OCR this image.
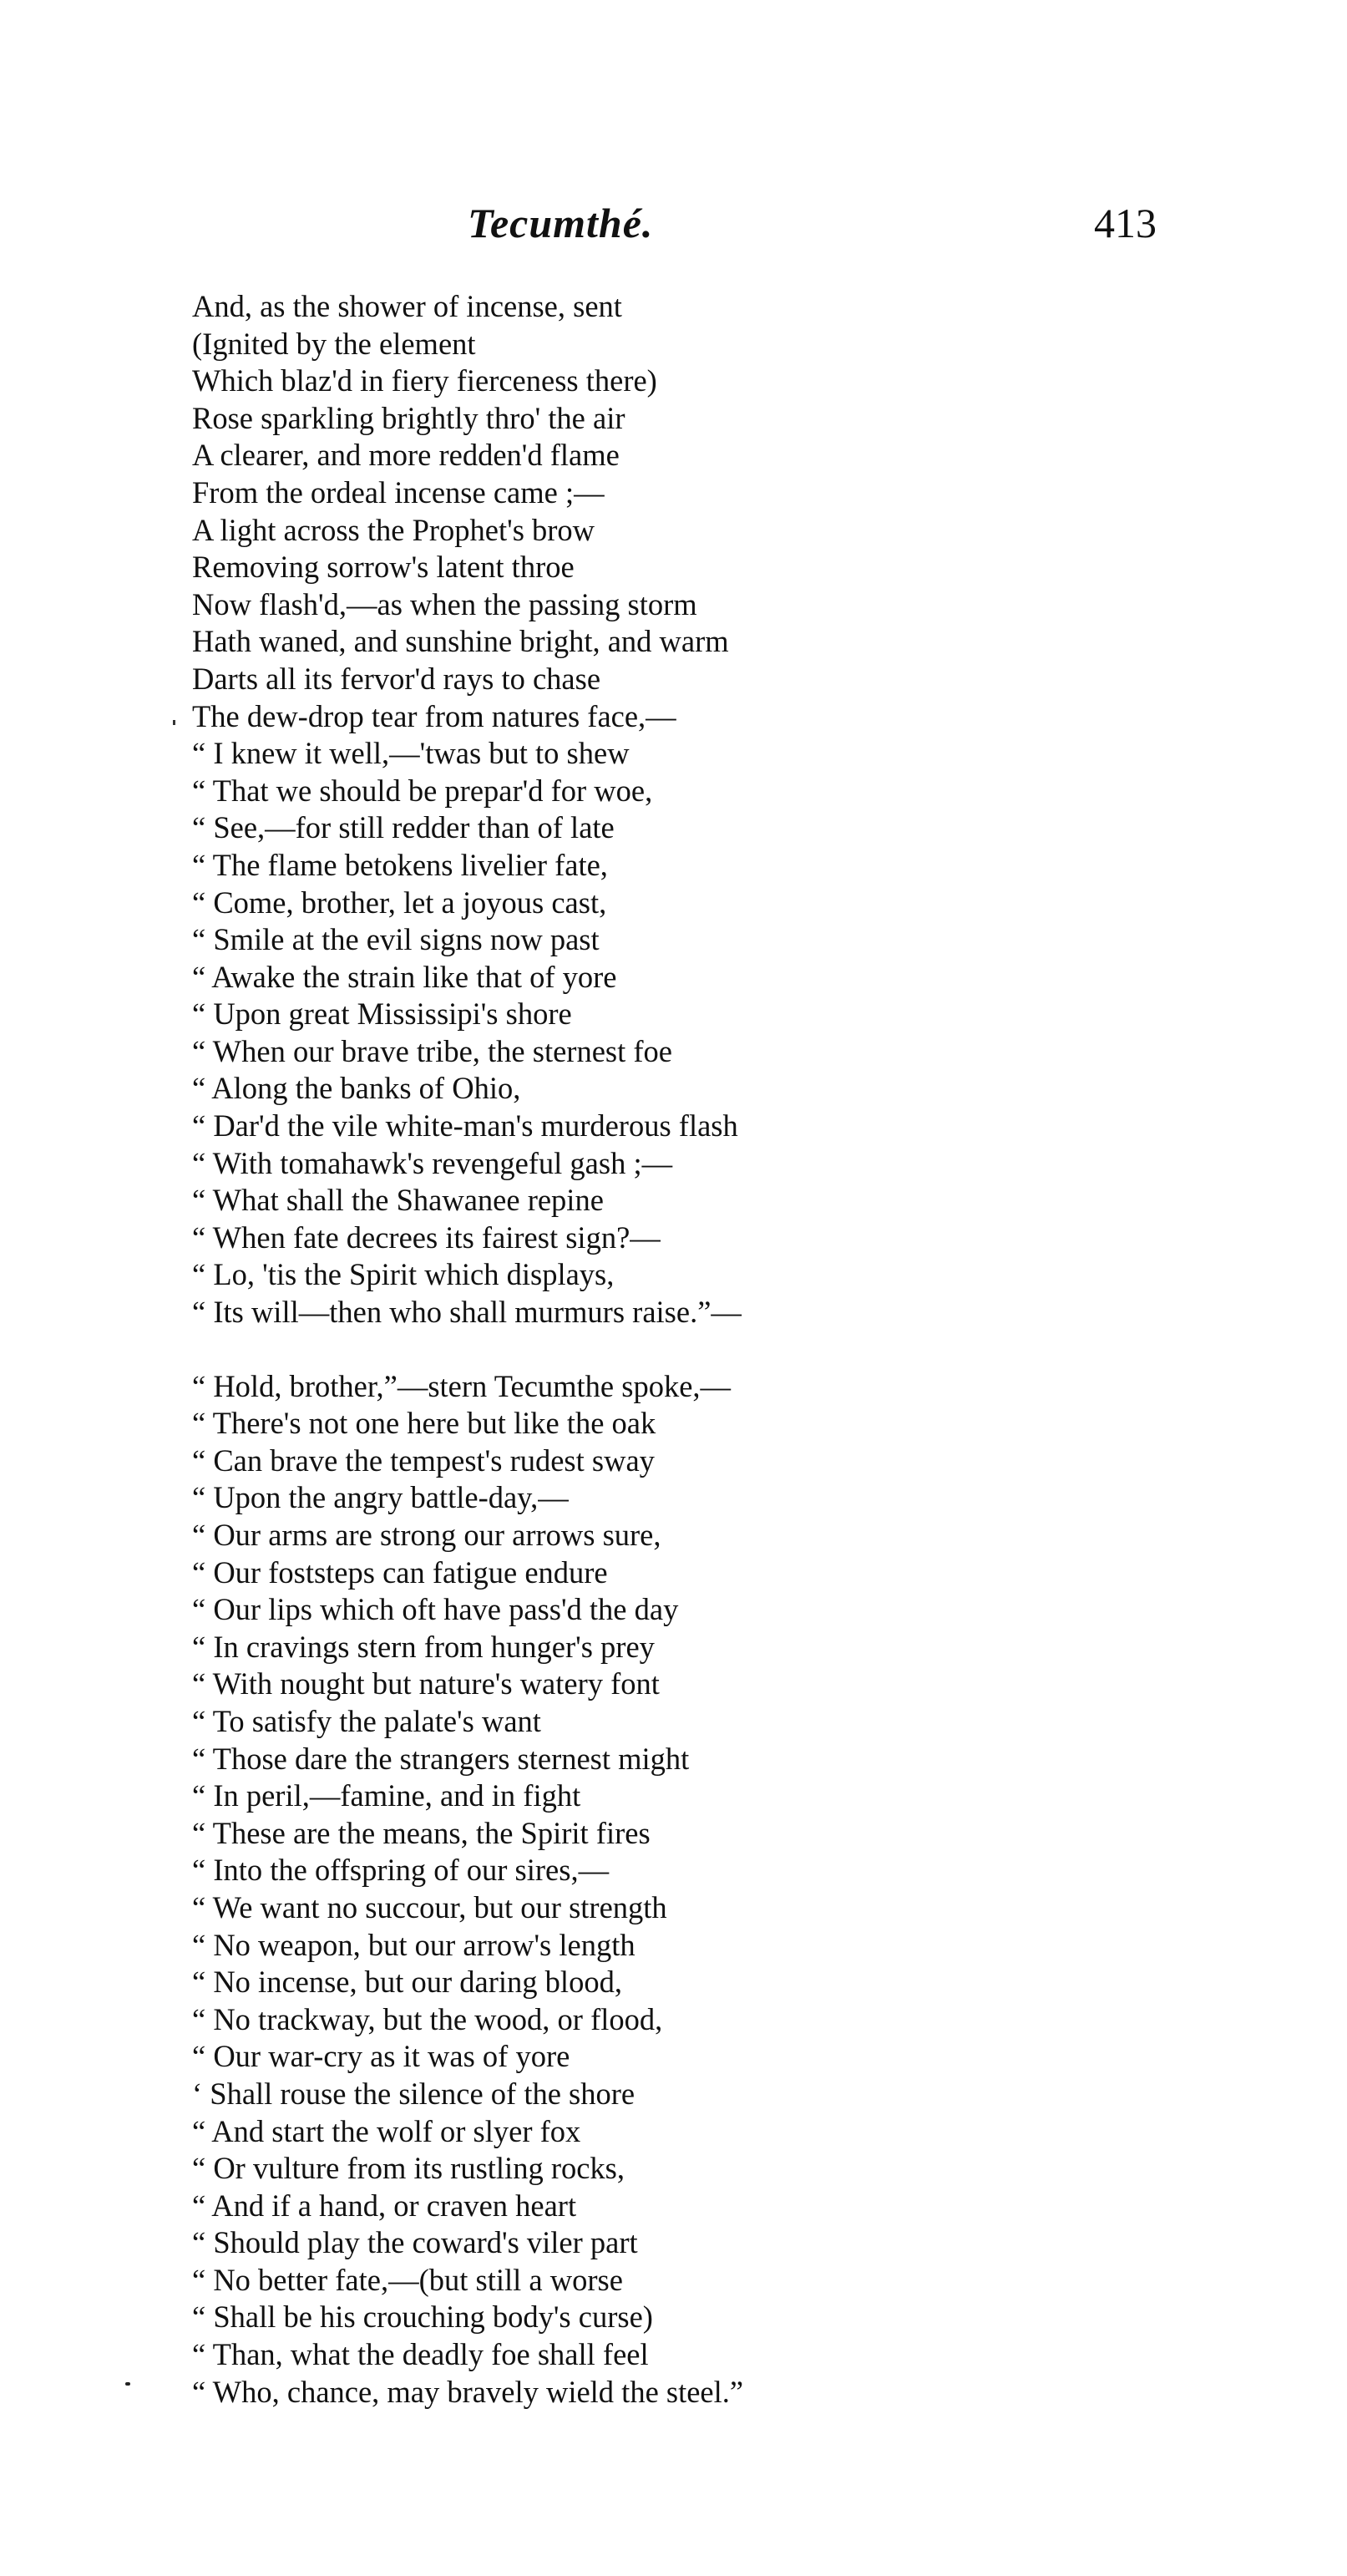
Tecumthé.	413
And, as the shower of incense, sent
(Ignited by the element
Which blaz'd in fiery fierceness there)
Rose sparkling brightly thro' the air
A clearer, and more redden'd flame
From the ordeal incense came ;—
A light across the Prophet's brow
Removing sorrow's latent throe
Now flash'd,—as when the passing storm
Hath waned, and sunshine bright, and warm
Darts all its fervor'd rays to chase
The dew-drop tear from natures face,—
“ I knew it well,—'twas but to shew
“ That we should be prepar'd for woe,
“ See,—for still redder than of late
“ The flame betokens livelier fate,
“ Come, brother, let a joyous cast,
“ Smile at the evil signs now past
“ Awake the strain like that of yore
“ Upon great Mississipi's shore
“ When our brave tribe, the sternest foe
“ Along the banks of Ohio,
“ Dar'd the vile white-man's murderous flash
“ With tomahawk's revengeful gash ;—
“ What shall the Shawanee repine
“ When fate decrees its fairest sign?—
“ Lo, 'tis the Spirit which displays,
“ Its will—then who shall murmurs raise.”—
“ Hold, brother,”—stern Tecumthe spoke,—
“ There's not one here but like the oak
“ Can brave the tempest's rudest sway
“ Upon the angry battle-day,—
“ Our arms are strong our arrows sure,
“ Our foststeps can fatigue endure
“ Our lips which oft have pass'd the day
“ In cravings stern from hunger's prey
“ With nought but nature's watery font
“ To satisfy the palate's want
“ Those dare the strangers sternest might
“ In peril,—famine, and in fight
“ These are the means, the Spirit fires
“ Into the offspring of our sires,—
“ We want no succour, but our strength
“ No weapon, but our arrow's length
“ No incense, but our daring blood,
“ No trackway, but the wood, or flood,
“ Our war-cry as it was of yore
‘ Shall rouse the silence of the shore
“ And start the wolf or slyer fox
“ Or vulture from its rustling rocks,
“ And if a hand, or craven heart
“ Should play the coward's viler part
“ No better fate,—(but still a worse
“ Shall be his crouching body's curse)
“ Than, what the deadly foe shall feel
“ Who, chance, may bravely wield the steel.”
